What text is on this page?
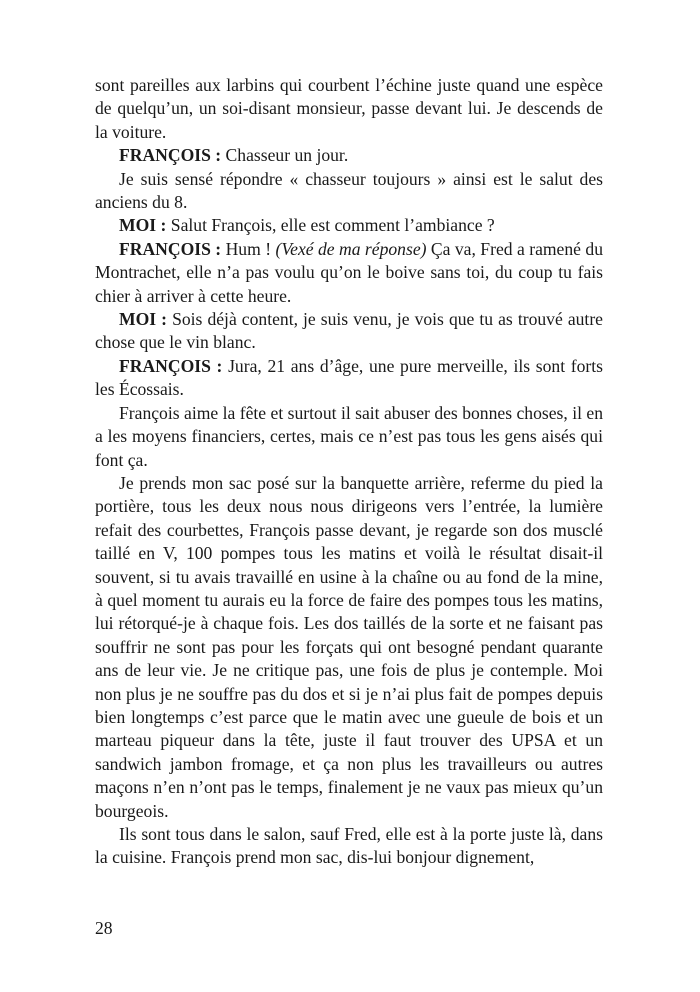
sont pareilles aux larbins qui courbent l’échine juste quand une espèce de quelqu’un, un soi-disant monsieur, passe devant lui. Je descends de la voiture.

FRANÇOIS : Chasseur un jour.

Je suis sensé répondre « chasseur toujours » ainsi est le salut des anciens du 8.

MOI : Salut François, elle est comment l’ambiance ?

FRANÇOIS : Hum ! (Vexé de ma réponse) Ça va, Fred a ramené du Montrachet, elle n’a pas voulu qu’on le boive sans toi, du coup tu fais chier à arriver à cette heure.

MOI : Sois déjà content, je suis venu, je vois que tu as trouvé autre chose que le vin blanc.

FRANÇOIS : Jura, 21 ans d’âge, une pure merveille, ils sont forts les Écossais.

François aime la fête et surtout il sait abuser des bonnes choses, il en a les moyens financiers, certes, mais ce n’est pas tous les gens aisés qui font ça.

Je prends mon sac posé sur la banquette arrière, referme du pied la portière, tous les deux nous nous dirigeons vers l’entrée, la lumière refait des courbettes, François passe devant, je regarde son dos musclé taillé en V, 100 pompes tous les matins et voilà le résultat disait-il souvent, si tu avais travaillé en usine à la chaîne ou au fond de la mine, à quel moment tu aurais eu la force de faire des pompes tous les matins, lui rétorqué-je à chaque fois. Les dos taillés de la sorte et ne faisant pas souffrir ne sont pas pour les forçats qui ont besogné pendant quarante ans de leur vie. Je ne critique pas, une fois de plus je contemple. Moi non plus je ne souffre pas du dos et si je n’ai plus fait de pompes depuis bien longtemps c’est parce que le matin avec une gueule de bois et un marteau piqueur dans la tête, juste il faut trouver des UPSA et un sandwich jambon fromage, et ça non plus les travailleurs ou autres maçons n’en n’ont pas le temps, finalement je ne vaux pas mieux qu’un bourgeois.

Ils sont tous dans le salon, sauf Fred, elle est à la porte juste là, dans la cuisine. François prend mon sac, dis-lui bonjour dignement,

28
